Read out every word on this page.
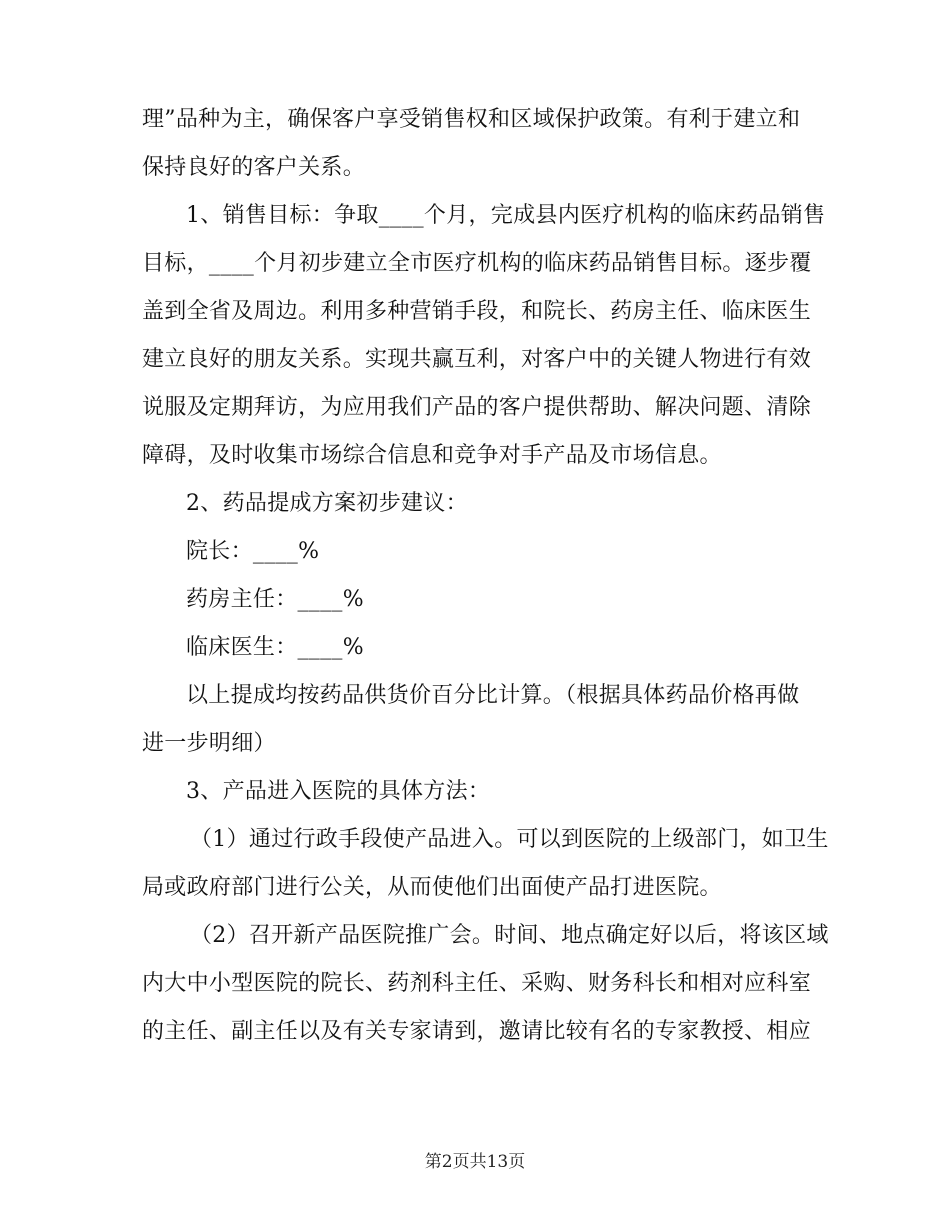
理”品种为主，确保客户享受销售权和区域保护政策。有利于建立和
保持良好的客户关系。
1、销售目标：争取____个月，完成县内医疗机构的临床药品销售
目标，____个月初步建立全市医疗机构的临床药品销售目标。逐步覆
盖到全省及周边。利用多种营销手段，和院长、药房主任、临床医生
建立良好的朋友关系。实现共赢互利，对客户中的关键人物进行有效
说服及定期拜访，为应用我们产品的客户提供帮助、解决问题、清除
障碍，及时收集市场综合信息和竞争对手产品及市场信息。
2、药品提成方案初步建议：
院长：____%
药房主任：____%
临床医生：____%
以上提成均按药品供货价百分比计算。（根据具体药品价格再做
进一步明细）
3、产品进入医院的具体方法：
（1）通过行政手段使产品进入。可以到医院的上级部门，如卫生
局或政府部门进行公关，从而使他们出面使产品打进医院。
（2）召开新产品医院推广会。时间、地点确定好以后，将该区域
内大中小型医院的院长、药剂科主任、采购、财务科长和相对应科室
的主任、副主任以及有关专家请到，邀请比较有名的专家教授、相应
第2页共13页
